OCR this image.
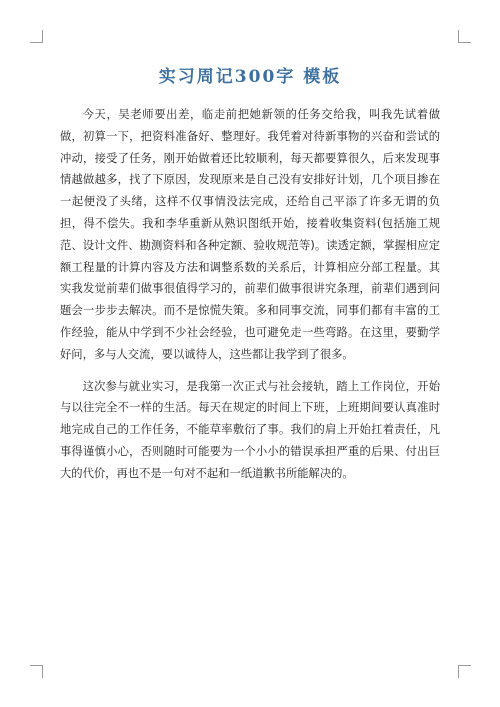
实习周记300字 模板

今天，吴老师要出差，临走前把她新领的任务交给我，叫我先试着做做，初算一下，把资料准备好、整理好。我凭着对待新事物的兴奋和尝试的冲动，接受了任务，刚开始做着还比较顺利，每天都要算很久，后来发现事情越做越多，找了下原因，发现原来是自己没有安排好计划，几个项目掺在一起便没了头绪，这样不仅事情没法完成，还给自己平添了许多无谓的负担，得不偿失。我和李华重新从熟识图纸开始，接着收集资料(包括施工规范、设计文件、勘测资料和各种定额、验收规范等)。读透定额，掌握相应定额工程量的计算内容及方法和调整系数的关系后，计算相应分部工程量。其实我发觉前辈们做事很值得学习的，前辈们做事很讲究条理，前辈们遇到问题会一步步去解决。而不是惊慌失策。多和同事交流，同事们都有丰富的工作经验，能从中学到不少社会经验，也可避免走一些弯路。在这里，要勤学好问，多与人交流，要以诚待人，这些都让我学到了很多。

这次参与就业实习，是我第一次正式与社会接轨，踏上工作岗位，开始与以往完全不一样的生活。每天在规定的时间上下班，上班期间要认真准时地完成自己的工作任务，不能草率敷衍了事。我们的肩上开始扛着责任，凡事得谨慎小心，否则随时可能要为一个小小的错误承担严重的后果、付出巨大的代价，再也不是一句对不起和一纸道歉书所能解决的。
